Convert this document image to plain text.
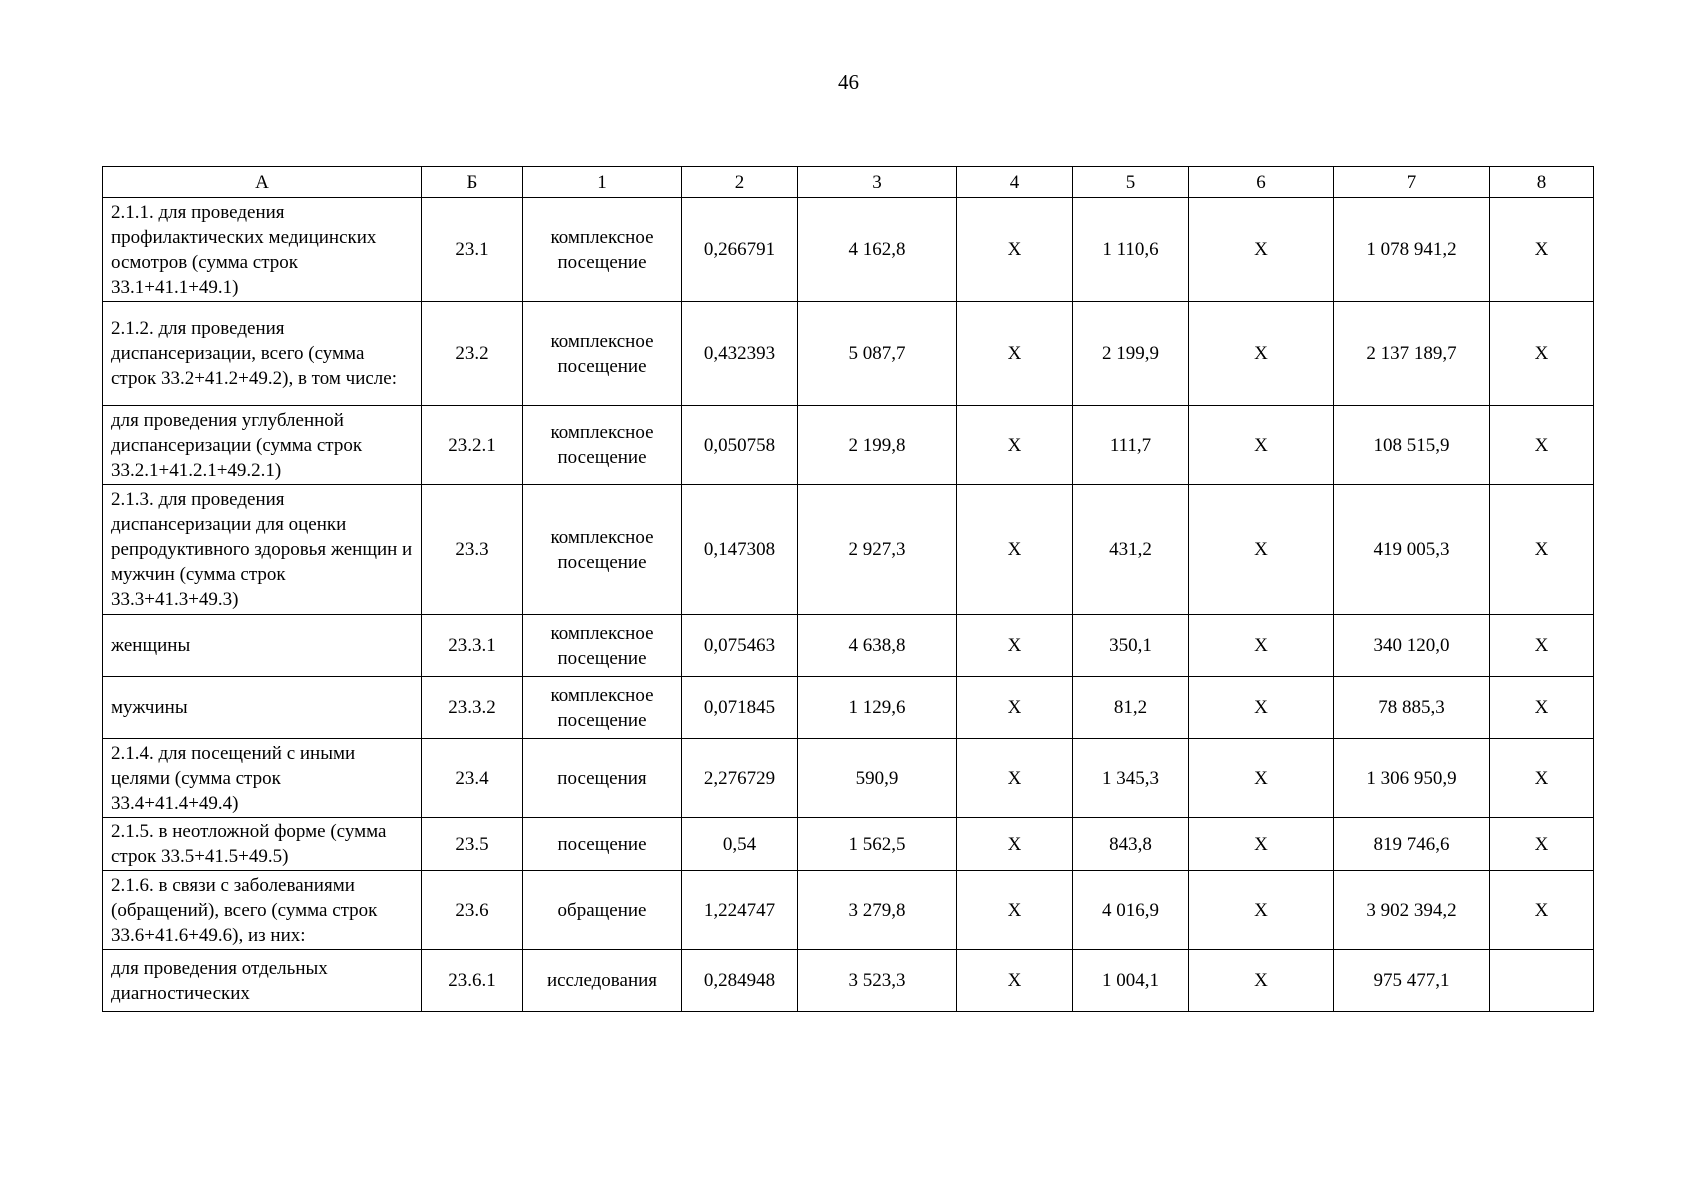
46
А	Б	1	2	3	4	5	6	7	8
2.1.1. для проведения профилактических медицинских осмотров (сумма строк 33.1+41.1+49.1)	23.1	комплексное посещение	0,266791	4 162,8	X	1 110,6	X	1 078 941,2	X
2.1.2. для проведения диспансеризации, всего (сумма строк 33.2+41.2+49.2), в том числе:	23.2	комплексное посещение	0,432393	5 087,7	X	2 199,9	X	2 137 189,7	X
для проведения углубленной диспансеризации (сумма строк 33.2.1+41.2.1+49.2.1)	23.2.1	комплексное посещение	0,050758	2 199,8	X	111,7	X	108 515,9	X
2.1.3. для проведения диспансеризации для оценки репродуктивного здоровья женщин и мужчин (сумма строк 33.3+41.3+49.3)	23.3	комплексное посещение	0,147308	2 927,3	X	431,2	X	419 005,3	X
женщины	23.3.1	комплексное посещение	0,075463	4 638,8	X	350,1	X	340 120,0	X
мужчины	23.3.2	комплексное посещение	0,071845	1 129,6	X	81,2	X	78 885,3	X
2.1.4. для посещений с иными целями (сумма строк 33.4+41.4+49.4)	23.4	посещения	2,276729	590,9	X	1 345,3	X	1 306 950,9	X
2.1.5. в неотложной форме (сумма строк 33.5+41.5+49.5)	23.5	посещение	0,54	1 562,5	X	843,8	X	819 746,6	X
2.1.6. в связи с заболеваниями (обращений), всего (сумма строк 33.6+41.6+49.6), из них:	23.6	обращение	1,224747	3 279,8	X	4 016,9	X	3 902 394,2	X
для проведения отдельных диагностических	23.6.1	исследования	0,284948	3 523,3	X	1 004,1	X	975 477,1	
